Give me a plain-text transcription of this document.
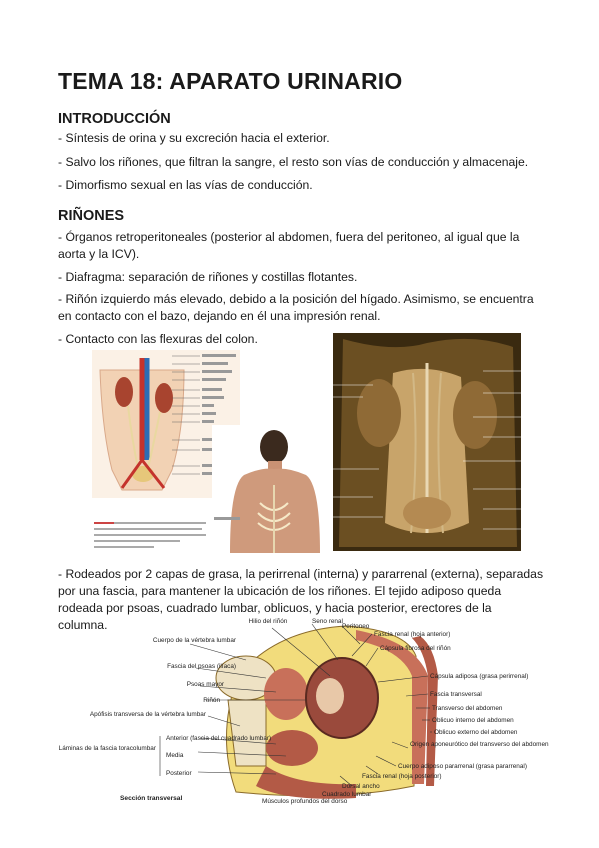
TEMA 18: APARATO URINARIO
INTRODUCCIÓN

- Síntesis de orina y su excreción hacia el exterior.

- Salvo los riñones, que filtran la sangre, el resto son vías de conducción y almacenaje.

- Dimorfismo sexual en las vías de conducción.

RIÑONES

- Órganos retroperitoneales (posterior al abdomen, fuera del peritoneo, al igual que la aorta y la ICV).

- Diafragma: separación de riñones y costillas flotantes.

- Riñón izquierdo más elevado, debido a la posición del hígado. Asimismo, se encuentra en contacto con el bazo, dejando en él una impresión renal.

- Contacto con las flexuras del colon.

- Rodeados por 2 capas de grasa, la perirrenal (interna) y pararrenal (externa), separadas por una fascia, para mantener la ubicación de los riñones. El tejido adiposo queda rodeada por psoas, cuadrado lumbar, oblicuos, y hacia posterior, erectores de la columna.	Hilio del riñón	Seno renal
Peritoneo
Cuerpo de la vértebra lumbar
Fascia del psoas (ilíaca)
Psoas mayor
Riñón
Apófisis transversa de la vértebra lumbar
Láminas de la fascia toracolumbar
Anterior (fascia del cuadrado lumbar)
Media
Posterior
Fascia renal (hoja anterior)
Cápsula fibrosa del riñón
Cápsula adiposa (grasa perirrenal)
Fascia transversal
Transverso del abdomen
Oblicuo interno del abdomen
Oblicuo externo del abdomen
Origen aponeurótico del transverso del abdomen
Cuerpo adiposo pararrenal (grasa pararrenal)
Fascia renal (hoja posterior)
Dorsal ancho
Cuadrado lumbar
Músculos profundos del dorso
Sección transversal
